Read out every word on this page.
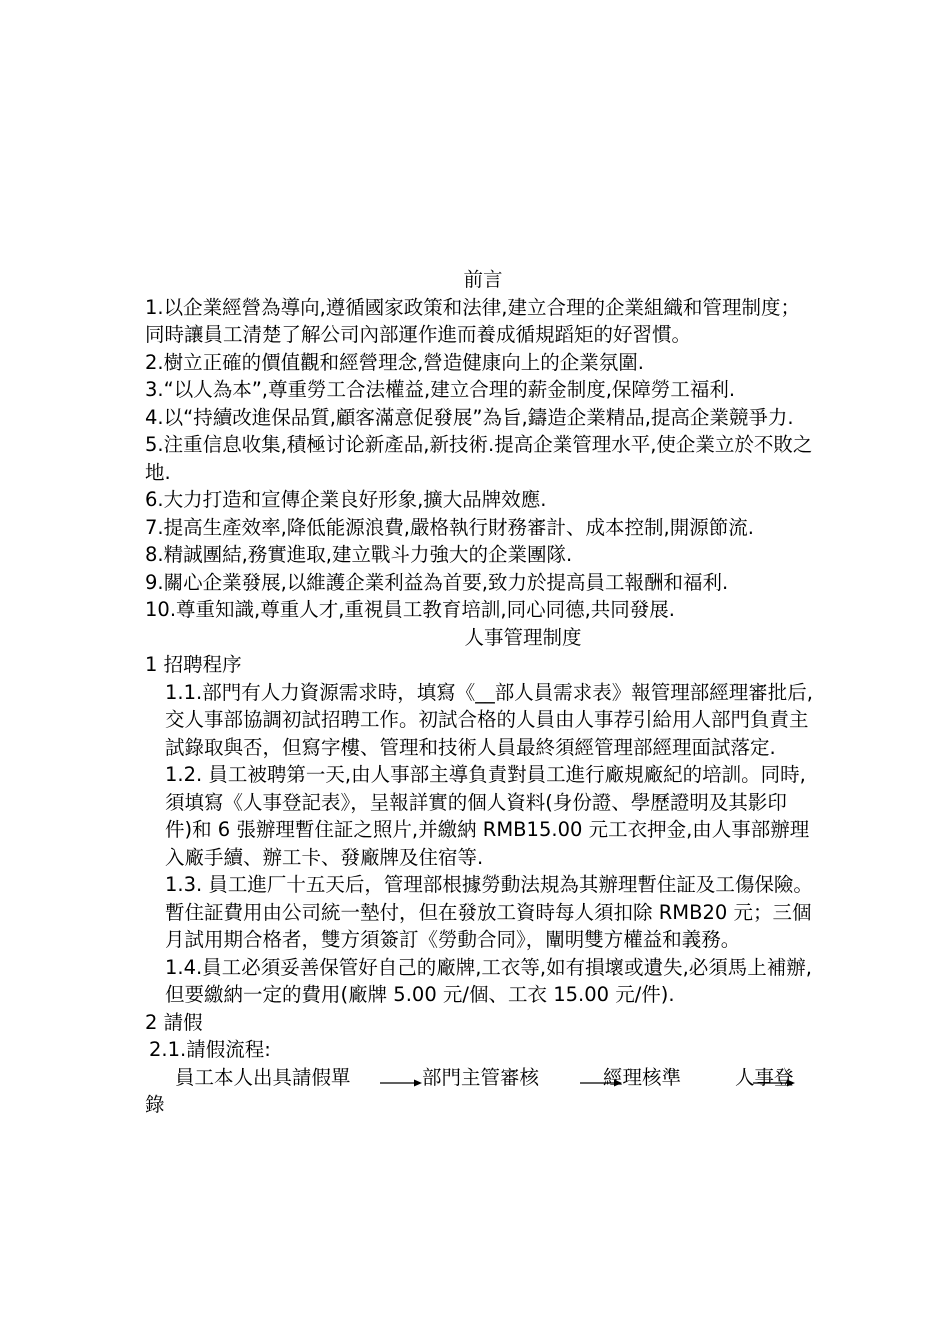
前言

1.以企業經營為導向,遵循國家政策和法律,建立合理的企業組織和管理制度；同時讓員工清楚了解公司內部運作進而養成循規蹈矩的好習慣。

2.樹立正確的價值觀和經營理念,營造健康向上的企業氛圍.

3.“以人為本”,尊重勞工合法權益,建立合理的薪金制度,保障勞工福利.

4.以“持續改進保品質,顧客滿意促發展”為旨,鑄造企業精品,提高企業競爭力.

5.注重信息收集,積極讨论新產品,新技術.提高企業管理水平,使企業立於不敗之地.

6.大力打造和宣傳企業良好形象,擴大品牌效應.

7.提高生產效率,降低能源浪費,嚴格執行財務審計、成本控制,開源節流.

8.精誠團結,務實進取,建立戰斗力強大的企業團隊.

9.關心企業發展,以維護企業利益為首要,致力於提高員工報酬和福利.

10.尊重知識,尊重人才,重視員工教育培訓,同心同德,共同發展.

人事管理制度

1 招聘程序

1.1.部門有人力資源需求時，填寫《__部人員需求表》報管理部經理審批后,交人事部協調初試招聘工作。初試合格的人員由人事荐引給用人部門負責主試錄取與否，但寫字樓、管理和技術人員最終須經管理部經理面試落定.

1.2. 員工被聘第一天,由人事部主導負責對員工進行廠規廠紀的培訓。同時,須填寫《人事登記表》，呈報詳實的個人資料(身份證、學歷證明及其影印件)和 6 張辦理暫住証之照片,并繳納 RMB15.00 元工衣押金,由人事部辦理入廠手續、辦工卡、發廠牌及住宿等.

1.3. 員工進厂十五天后，管理部根據勞動法規為其辦理暫住証及工傷保險。暫住証費用由公司統一墊付，但在發放工資時每人須扣除 RMB20 元；三個月試用期合格者，雙方須簽訂《勞動合同》，闡明雙方權益和義務。

1.4.員工必須妥善保管好自己的廠牌,工衣等,如有損壞或遺失,必須馬上補辦,但要繳納一定的費用(廠牌 5.00 元/個、工衣 15.00 元/件).

2 請假

2.1.請假流程:

員工本人出具請假單	部門主管審核	經理核準	人事登

錄
